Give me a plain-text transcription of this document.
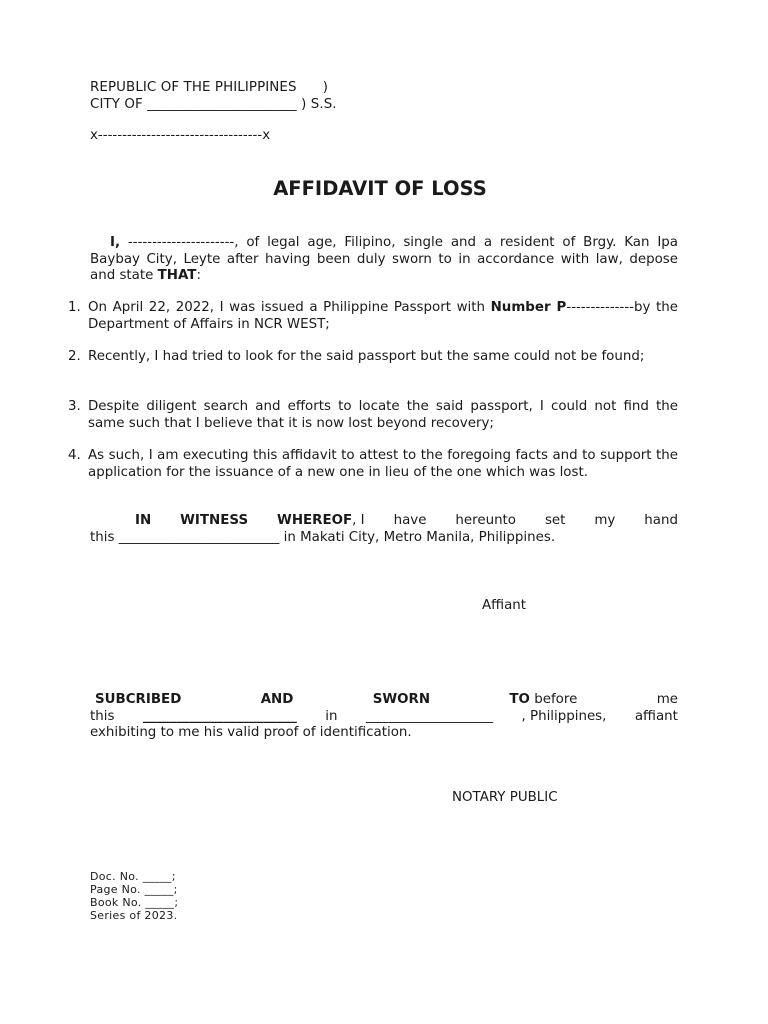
REPUBLIC OF THE PHILIPPINES      )
CITY OF ______________________ ) S.S.
x----------------------------------x
AFFIDAVIT OF LOSS
I, ----------------------, of legal age, Filipino, single and a resident of Brgy. Kan Ipa Baybay City, Leyte after having been duly sworn to in accordance with law, depose and state THAT:
1. On April 22, 2022, I was issued a Philippine Passport with Number P--------------by the Department of Affairs in NCR WEST;
2. Recently, I had tried to look for the said passport but the same could not be found;
3. Despite diligent search and efforts to locate the said passport, I could not find the same such that I believe that it is now lost beyond recovery;
4. As such, I am executing this affidavit to attest to the foregoing facts and to support the application for the issuance of a new one in lieu of the one which was lost.
IN WITNESS WHEREOF, I have hereunto set my hand
this ________________________ in Makati City, Metro Manila, Philippines.
Affiant
SUBCRIBED	AND	SWORN	TO before	me
this _______________________ in ___________________ , Philippines, affiant
exhibiting to me his valid proof of identification.
NOTARY PUBLIC
Doc. No. _____;
Page No. _____;
Book No. _____;
Series of 2023.
